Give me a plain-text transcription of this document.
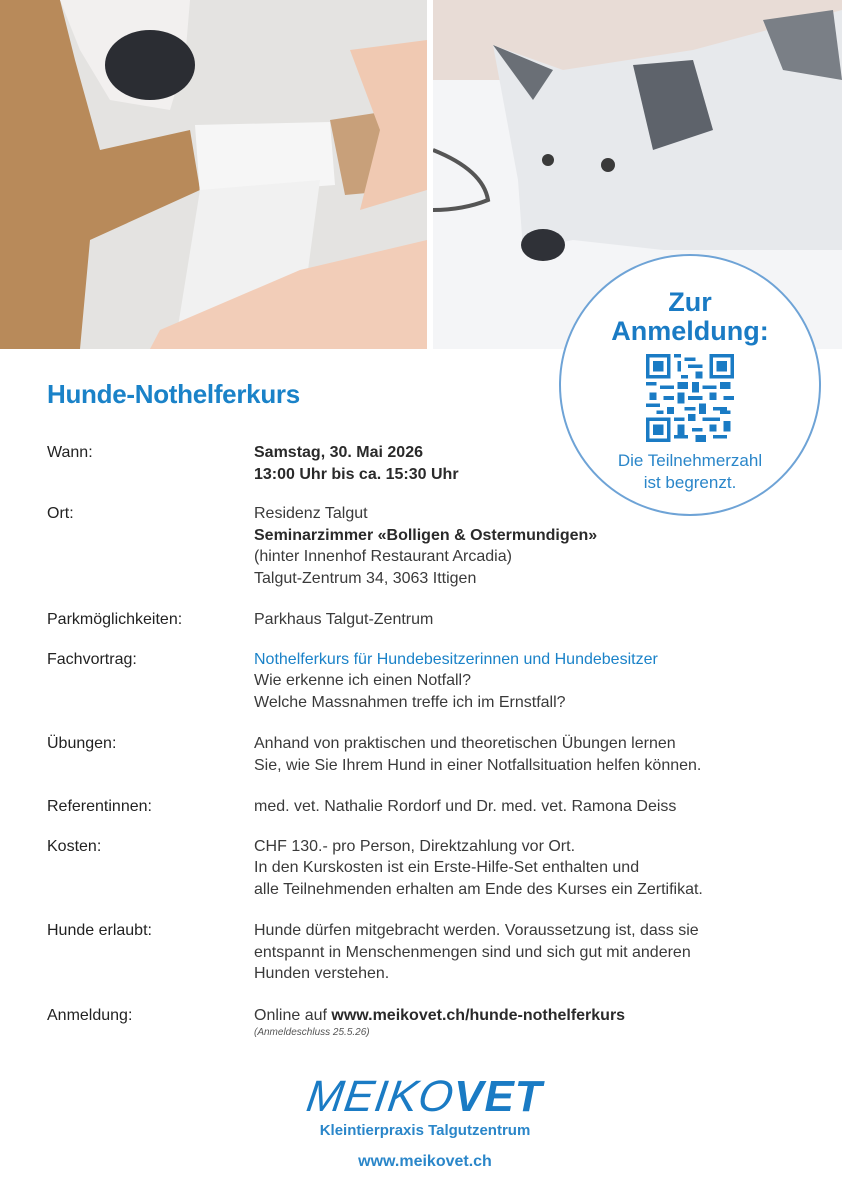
Zur
Anmeldung:
Die Teilnehmerzahl
ist begrenzt.
Hunde-Nothelferkurs
Wann:	Samstag, 30. Mai 2026
13:00 Uhr bis ca. 15:30 Uhr
Ort:	Residenz Talgut
Seminarzimmer «Bolligen & Ostermundigen»
(hinter Innenhof Restaurant Arcadia)
Talgut-Zentrum 34, 3063 Ittigen
Parkmöglichkeiten:	Parkhaus Talgut-Zentrum
Fachvortrag:	Nothelferkurs für Hundebesitzerinnen und Hundebesitzer
Wie erkenne ich einen Notfall?
Welche Massnahmen treffe ich im Ernstfall?
Übungen:	Anhand von praktischen und theoretischen Übungen lernen
Sie, wie Sie Ihrem Hund in einer Notfallsituation helfen können.
Referentinnen:	med. vet. Nathalie Rordorf und Dr. med. vet. Ramona Deiss
Kosten:	CHF 130.- pro Person, Direktzahlung vor Ort.
In den Kurskosten ist ein Erste-Hilfe-Set enthalten und
alle Teilnehmenden erhalten am Ende des Kurses ein Zertifikat.
Hunde erlaubt:	Hunde dürfen mitgebracht werden. Voraussetzung ist, dass sie
entspannt in Menschenmengen sind und sich gut mit anderen
Hunden verstehen.
Anmeldung:	Online auf www.meikovet.ch/hunde-nothelferkurs
(Anmeldeschluss 25.5.26)
MEIKOVET
Kleintierpraxis Talgutzentrum
www.meikovet.ch
